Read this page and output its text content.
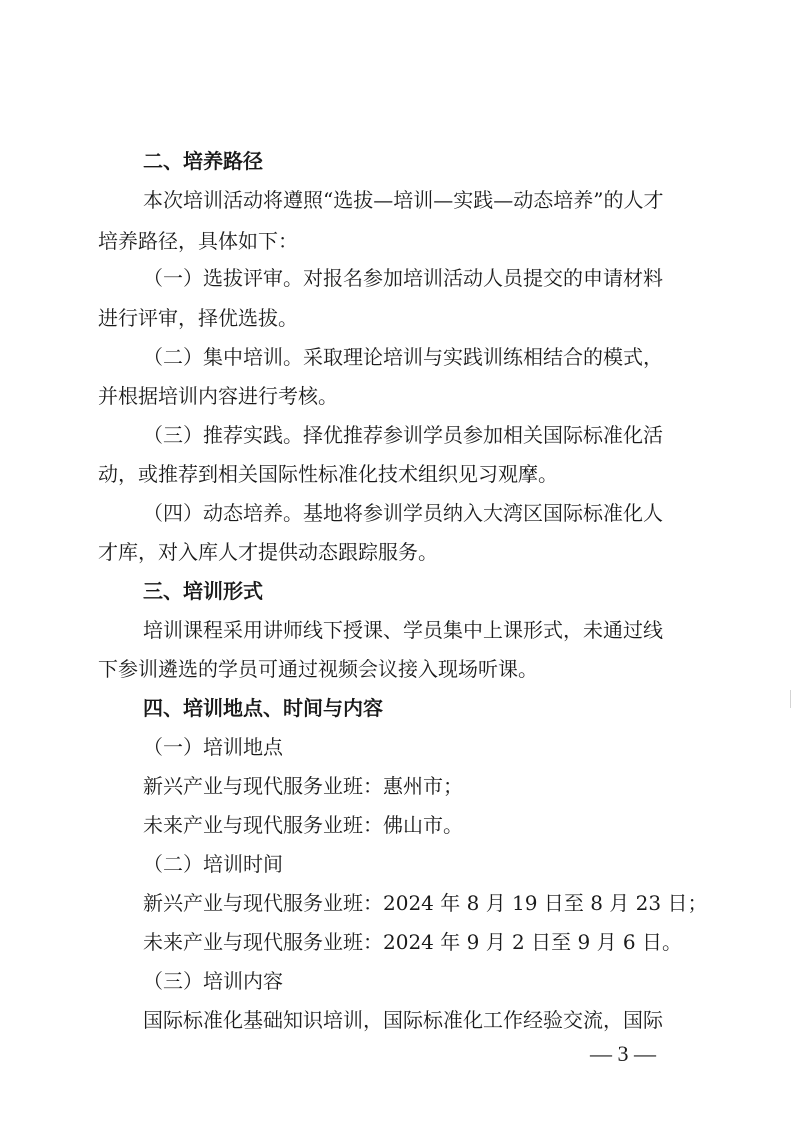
二、培养路径
本次培训活动将遵照“选拔—培训—实践—动态培养”的人才
培养路径，具体如下：
（一）选拔评审。对报名参加培训活动人员提交的申请材料
进行评审，择优选拔。
（二）集中培训。采取理论培训与实践训练相结合的模式，
并根据培训内容进行考核。
（三）推荐实践。择优推荐参训学员参加相关国际标准化活
动，或推荐到相关国际性标准化技术组织见习观摩。
（四）动态培养。基地将参训学员纳入大湾区国际标准化人
才库，对入库人才提供动态跟踪服务。
三、培训形式
培训课程采用讲师线下授课、学员集中上课形式，未通过线
下参训遴选的学员可通过视频会议接入现场听课。
四、培训地点、时间与内容
（一）培训地点
新兴产业与现代服务业班：惠州市；
未来产业与现代服务业班：佛山市。
（二）培训时间
新兴产业与现代服务业班：2024 年 8 月 19 日至 8 月 23 日；
未来产业与现代服务业班：2024 年 9 月 2 日至 9 月 6 日。
（三）培训内容
国际标准化基础知识培训，国际标准化工作经验交流，国际
— 3 —
